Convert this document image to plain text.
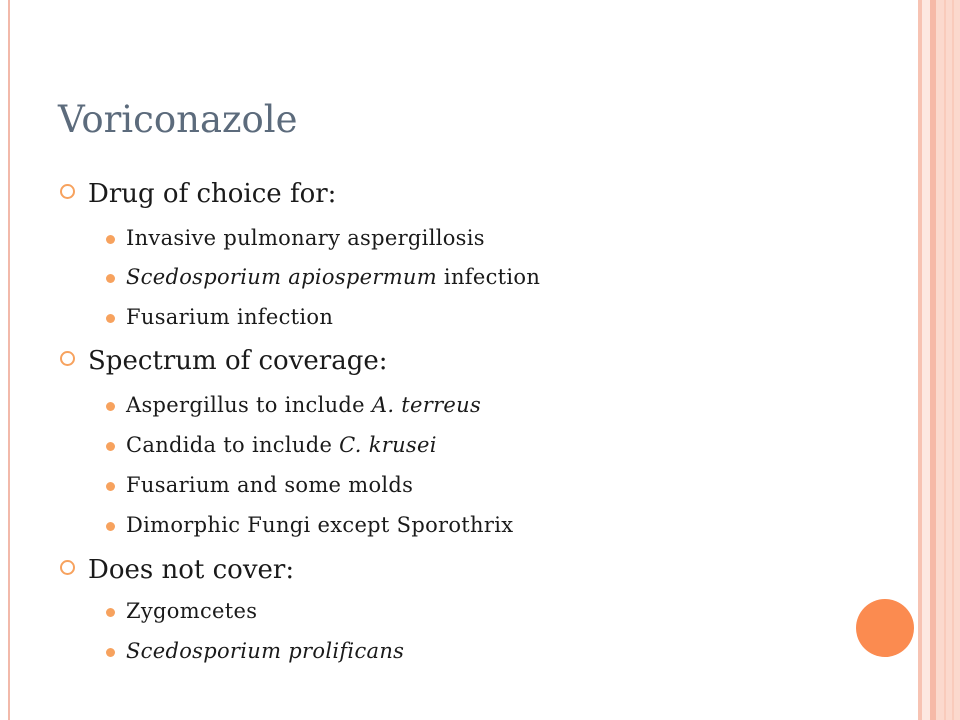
Voriconazole
Drug of choice for:
Invasive pulmonary aspergillosis
Scedosporium apiospermum infection
Fusarium infection
Spectrum of coverage:
Aspergillus to include A. terreus
Candida to include C. krusei
Fusarium and some molds
Dimorphic Fungi except Sporothrix
Does not cover:
Zygomcetes
Scedosporium prolificans
